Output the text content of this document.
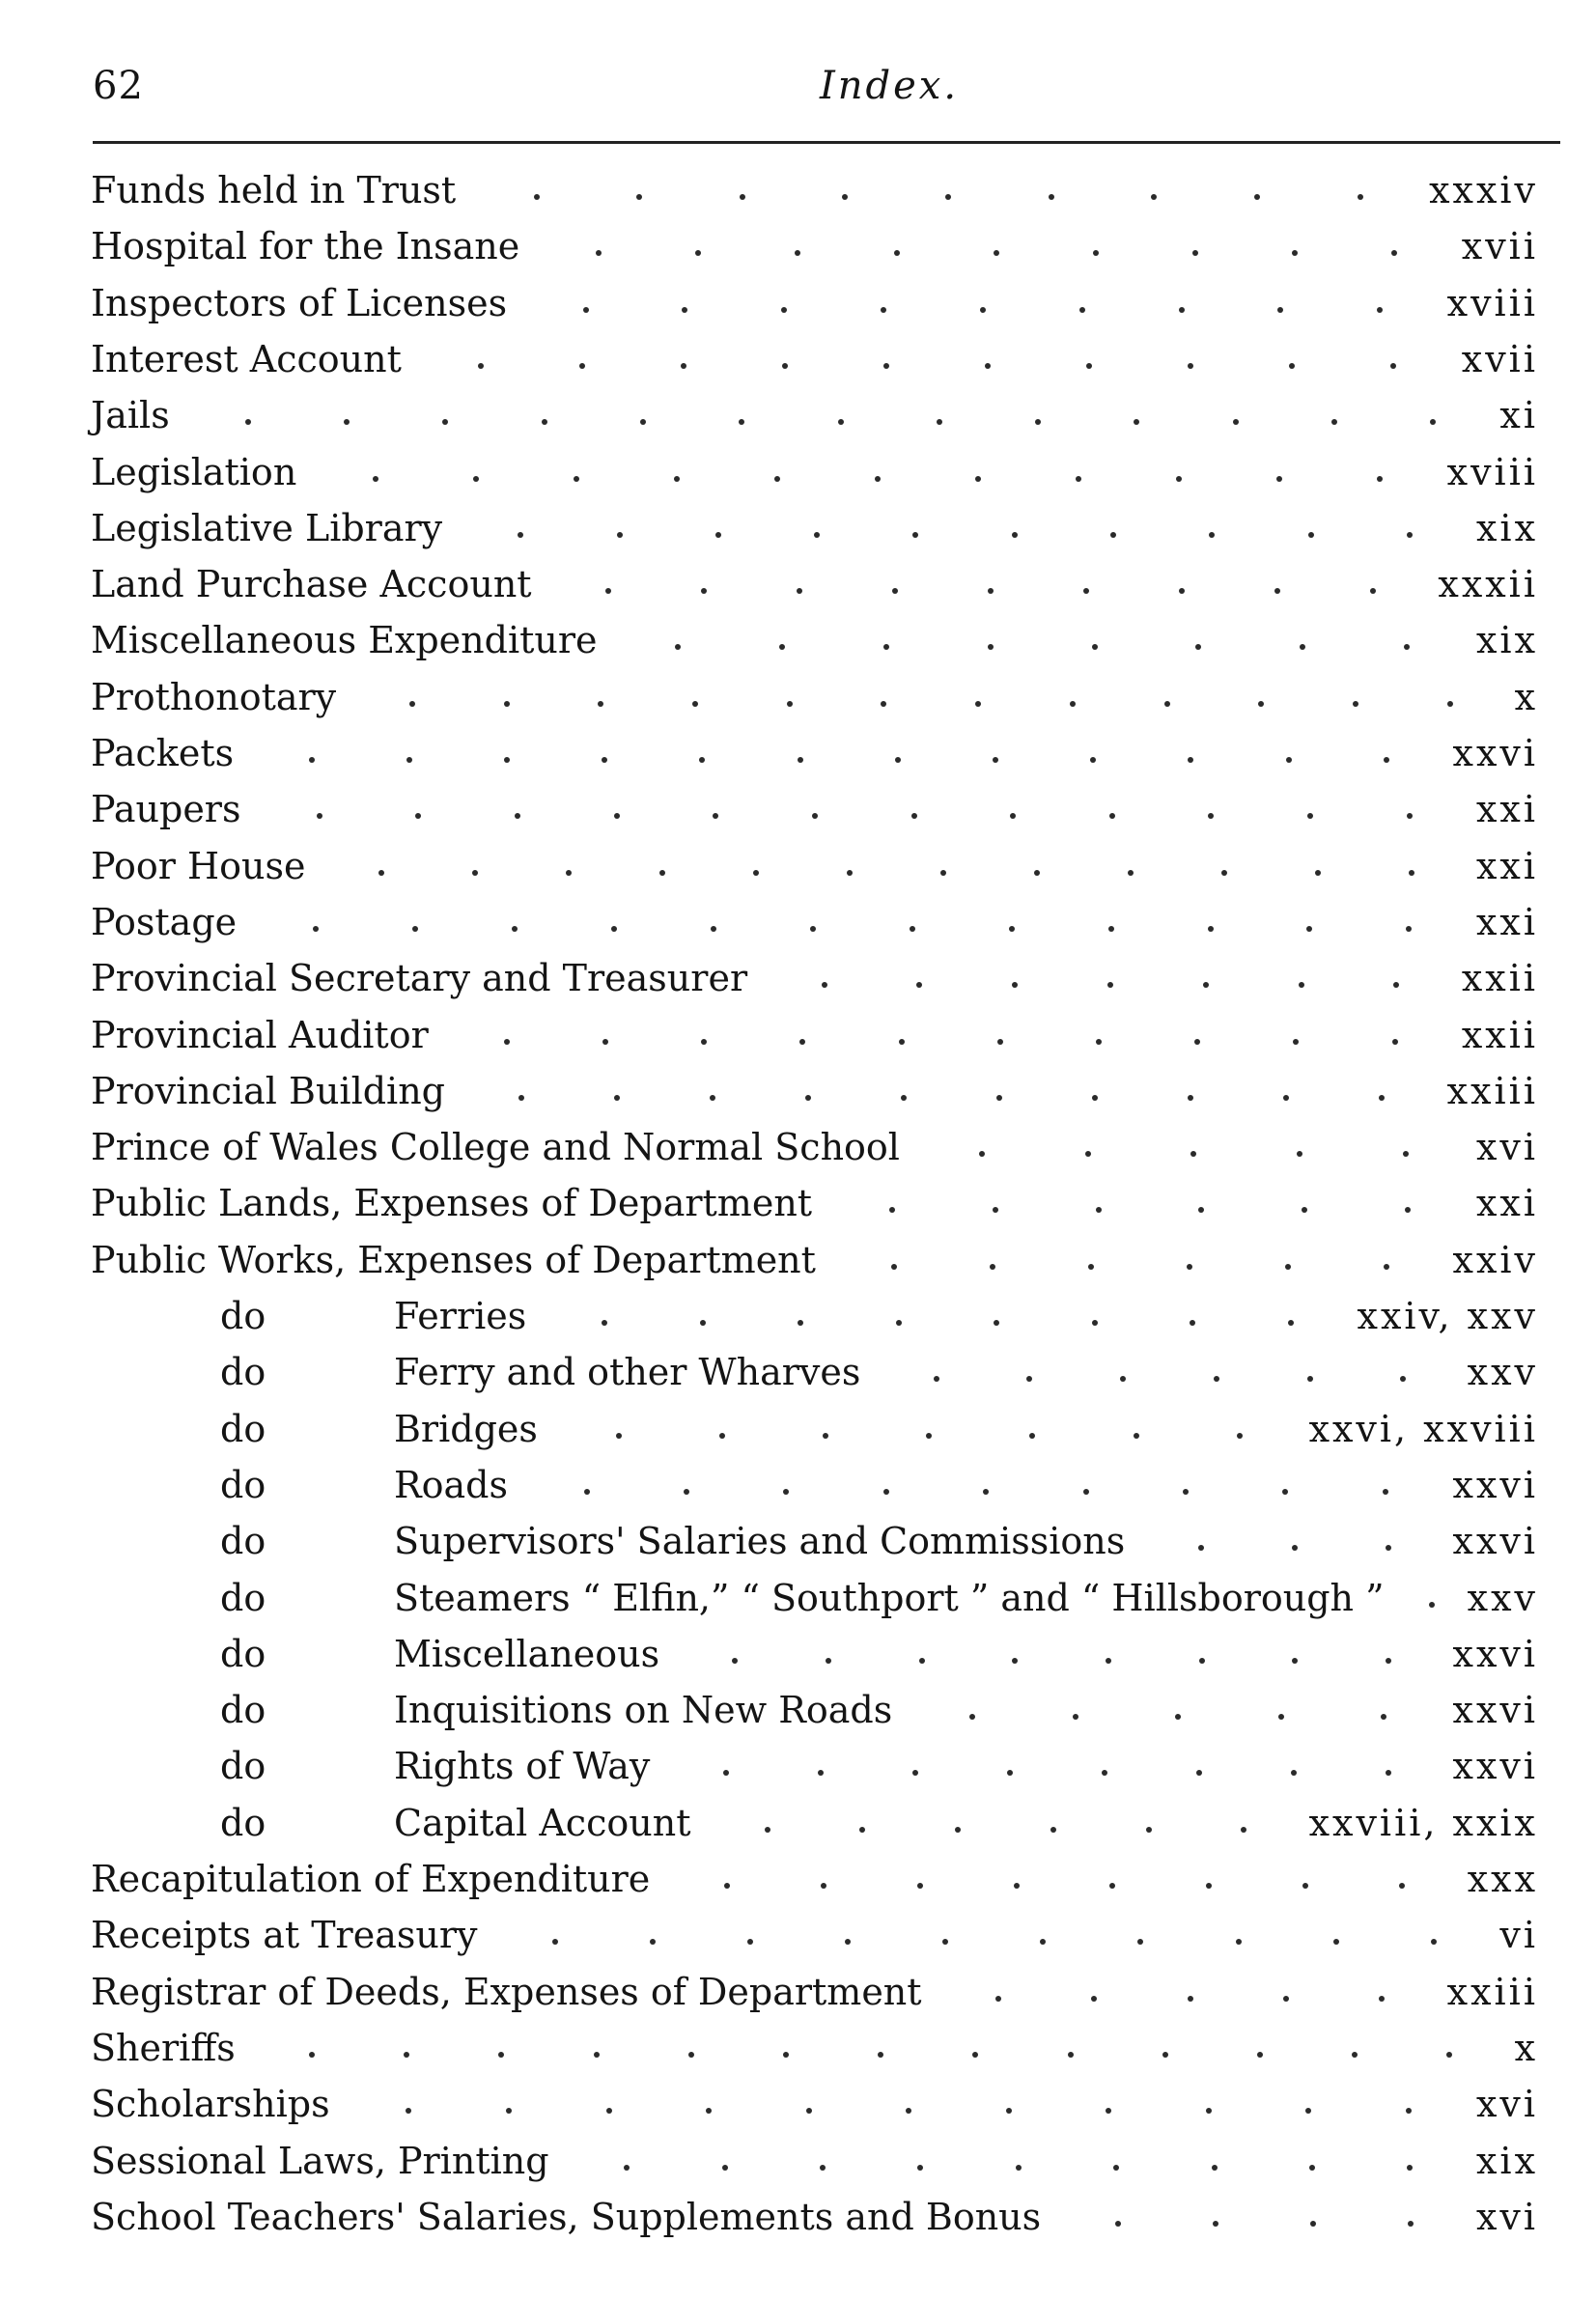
62	Index.
Funds held in Trust	xxxiv
Hospital for the Insane	xvii
Inspectors of Licenses	xviii
Interest Account	xvii
Jails	xi
Legislation	xviii
Legislative Library	xix
Land Purchase Account	xxxii
Miscellaneous Expenditure	xix
Prothonotary	x
Packets	xxvi
Paupers	xxi
Poor House	xxi
Postage	xxi
Provincial Secretary and Treasurer	xxii
Provincial Auditor	xxii
Provincial Building	xxiii
Prince of Wales College and Normal School	xvi
Public Lands, Expenses of Department	xxi
Public Works, Expenses of Department	xxiv
do	Ferries	xxiv, xxv
do	Ferry and other Wharves	xxv
do	Bridges	xxvi, xxviii
do	Roads	xxvi
do	Supervisors' Salaries and Commissions	xxvi
do	Steamers “ Elfin,” “ Southport ” and “ Hillsborough ” xxv
do	Miscellaneous	xxvi
do	Inquisitions on New Roads	xxvi
do	Rights of Way	xxvi
do	Capital Account	xxviii, xxix
Recapitulation of Expenditure	xxx
Receipts at Treasury	vi
Registrar of Deeds, Expenses of Department	xxiii
Sheriffs	x
Scholarships	xvi
Sessional Laws, Printing	xix
School Teachers' Salaries, Supplements and Bonus	xvi
